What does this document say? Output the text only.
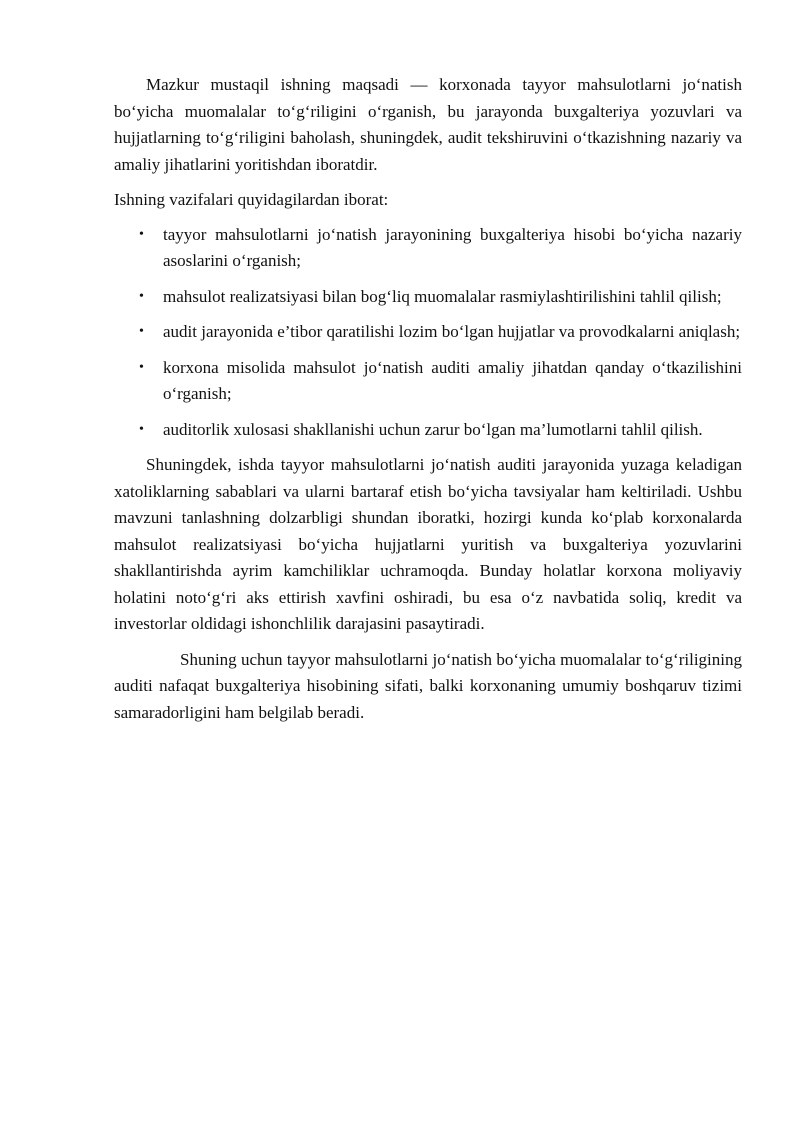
Mazkur mustaqil ishning maqsadi — korxonada tayyor mahsulotlarni jo‘natish bo‘yicha muomalalar to‘g‘riligini o‘rganish, bu jarayonda buxgalteriya yozuvlari va hujjatlarning to‘g‘riligini baholash, shuningdek, audit tekshiruvini o‘tkazishning nazariy va amaliy jihatlarini yoritishdan iboratdir.

Ishning vazifalari quyidagilardan iborat:

• tayyor mahsulotlarni jo‘natish jarayonining buxgalteriya hisobi bo‘yicha nazariy asoslarini o‘rganish;
• mahsulot realizatsiyasi bilan bog‘liq muomalalar rasmiylashtirilishini tahlil qilish;
• audit jarayonida e’tibor qaratilishi lozim bo‘lgan hujjatlar va provodkalarni aniqlash;
• korxona misolida mahsulot jo‘natish auditi amaliy jihatdan qanday o‘tkazilishini o‘rganish;
• auditorlik xulosasi shakllanishi uchun zarur bo‘lgan ma’lumotlarni tahlil qilish.

Shuningdek, ishda tayyor mahsulotlarni jo‘natish auditi jarayonida yuzaga keladigan xatoliklarning sabablari va ularni bartaraf etish bo‘yicha tavsiyalar ham keltiriladi. Ushbu mavzuni tanlashning dolzarbligi shundan iboratki, hozirgi kunda ko‘plab korxonalarda mahsulot realizatsiyasi bo‘yicha hujjatlarni yuritish va buxgalteriya yozuvlarini shakllantirishda ayrim kamchiliklar uchramoqda. Bunday holatlar korxona moliyaviy holatini noto‘g‘ri aks ettirish xavfini oshiradi, bu esa o‘z navbatida soliq, kredit va investorlar oldidagi ishonchlilik darajasini pasaytiradi.

Shuning uchun tayyor mahsulotlarni jo‘natish bo‘yicha muomalalar to‘g‘riligining auditi nafaqat buxgalteriya hisobining sifati, balki korxonaning umumiy boshqaruv tizimi samaradorligini ham belgilab beradi.
